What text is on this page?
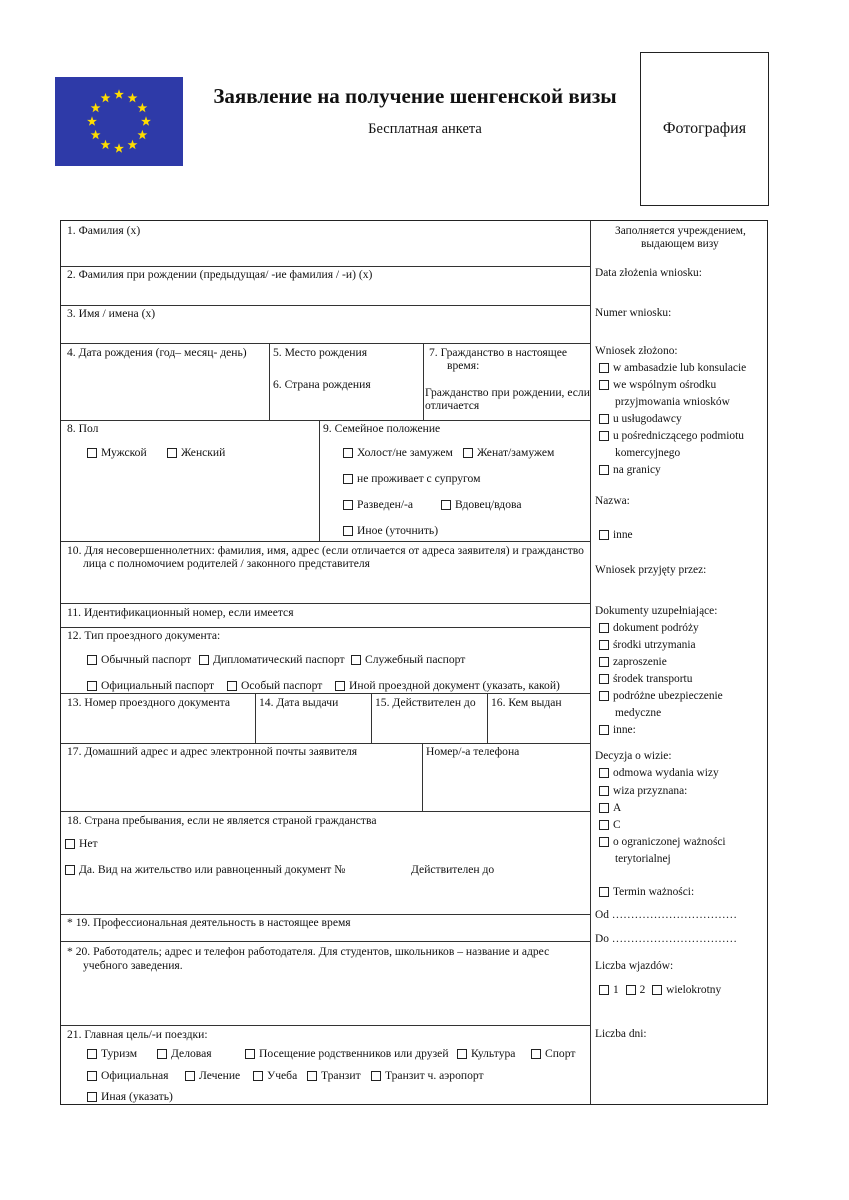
Заявление на получение шенгенской визы
Бесплатная анкета	Фотография
1. Фамилия (x)
2. Фамилия при рождении (предыдущая/ -ие фамилия / -и) (x)
3. Имя / имена (x)
4. Дата рождения (год– месяц- день) 5. Место рождения
6. Страна рождения
7. Гражданство в настоящее
время:
Гражданство при рождении, если
отличается
8. Пол
Мужской	Женский
9. Семейное положение
Холост/не замужем Женат/замужем
не проживает с супругом
Разведен/-а	Вдовец/вдова
Иное (уточнить)
10. Для несовершеннолетних: фамилия, имя, адрес (если отличается от адреса заявителя) и гражданство
лица с полномочием родителей / законного представителя
11. Идентификационный номер, если имеется
12. Тип проездного документа:
Обычный паспорт Дипломатический паспорт Служебный паспорт
Официальный паспорт Особый паспорт Иной проездной документ (указать, какой)
13. Номер проездного документа 14. Дата выдачи	15. Действителен до 16. Кем выдан
17. Домашний адрес и адрес электронной почты заявителя	Номер/-а телефона
18. Страна пребывания, если не является страной гражданства
Нет
Да. Вид на жительство или равноценный документ №	Действителен до
* 19. Профессиональная деятельность в настоящее время
* 20. Работодатель; адрес и телефон работодателя. Для студентов, школьников – название и адрес
учебного заведения.
21. Главная цель/-и поездки:
Туризм	Деловая	Посещение родственников или друзей Культура	Спорт
Официальная	Лечение Учеба Транзит Транзит ч. аэропорт
Иная (указать)
Заполняется учреждением,
выдающем визу
Data złożenia wniosku:
Numer wniosku:
Wniosek złożono:
w ambasadzie lub konsulacie
we wspólnym ośrodku
przyjmowania wniosków
u usługodawcy
u pośredniczącego podmiotu
komercyjnego
na granicy
Nazwa:
inne
Wniosek przyjęty przez:
Dokumenty uzupełniające:
dokument podróży
środki utrzymania
zaproszenie
środek transportu
podróżne ubezpieczenie
medyczne
inne:
Decyzja o wizie:
odmowa wydania wizy
wiza przyznana:
A
C
o ograniczonej ważności
terytorialnej
Termin ważności:
Od ……………………………
Do ……………………………
Liczba wjazdów:
1
2
wielokrotny
Liczba dni:
